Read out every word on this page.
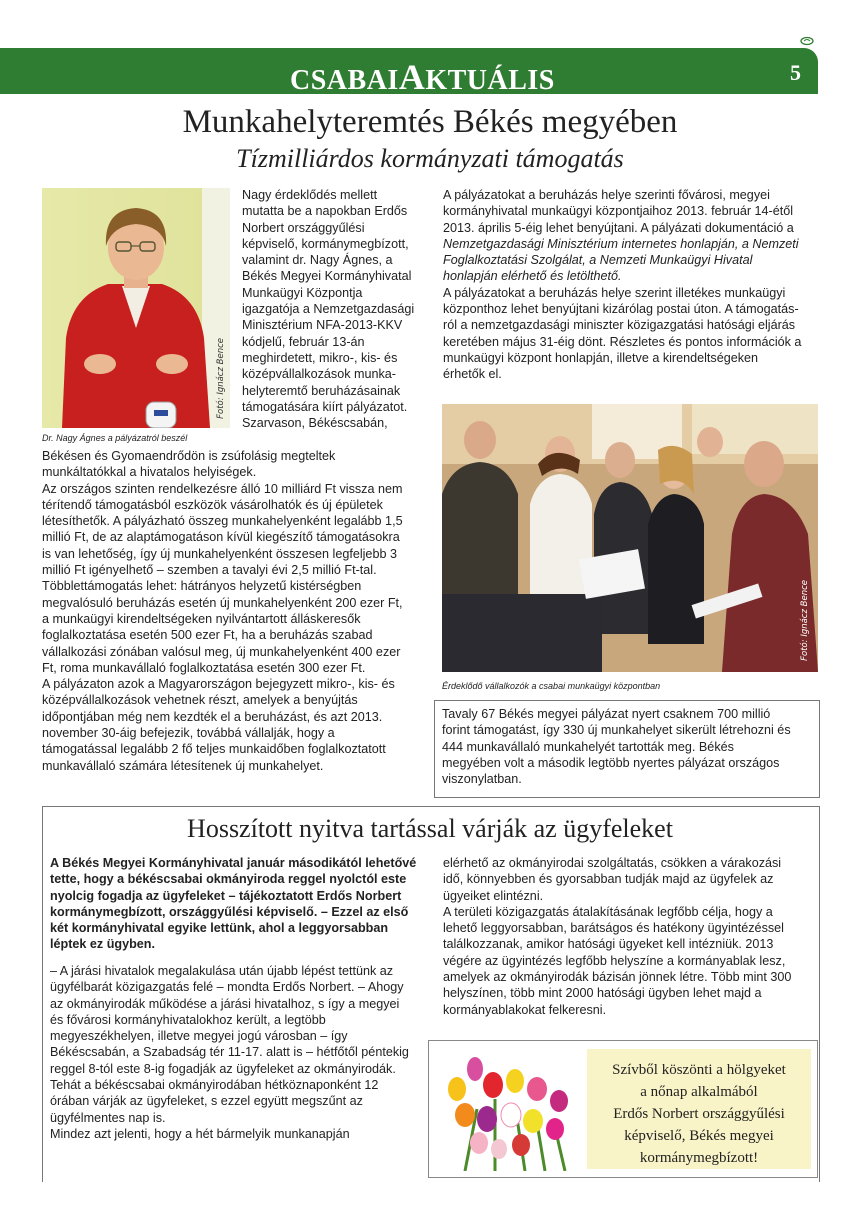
CSABAIAKTUÁLIS	5
Munkahelyteremtés Békés megyében
Tízmilliárdos kormányzati támogatás
Fotó: Ignácz Bence
Dr. Nagy Ágnes a pályázatról beszél

Nagy érdeklődés mellett

mutatta be a napokban Erdős

Norbert országgyűlési

képviselő, kormánymegbízott,

valamint dr. Nagy Ágnes, a

Békés Megyei Kormányhivatal

Munkaügyi Központja

igazgatója a Nemzetgazdasági

Minisztérium NFA-2013-KKV

kódjelű, február 13-án

meghirdetett, mikro-, kis- és

középvállalkozások munka-

helyteremtő beruházásainak

támogatására kiírt pályázatot.

Szarvason, Békéscsabán,

Békésen és Gyomaendrődön is zsúfolásig megteltek

munkáltatókkal a hivatalos helyiségek.

Az országos szinten rendelkezésre álló 10 milliárd Ft vissza nem

térítendő támogatásból eszközök vásárolhatók és új épületek

létesíthetők. A pályázható összeg munkahelyenként legalább 1,5

millió Ft, de az alaptámogatáson kívül kiegészítő támogatásokra

is van lehetőség, így új munkahelyenként összesen legfeljebb 3

millió Ft igényelhető – szemben a tavalyi évi 2,5 millió Ft-tal.

Többlettámogatás lehet: hátrányos helyzetű kistérségben

megvalósuló beruházás esetén új munkahelyenként 200 ezer Ft,

a munkaügyi kirendeltségeken nyilvántartott álláskeresők

foglalkoztatása esetén 500 ezer Ft, ha a beruházás szabad

vállalkozási zónában valósul meg, új munkahelyenként 400 ezer

Ft, roma munkavállaló foglalkoztatása esetén 300 ezer Ft.

A pályázaton azok a Magyarországon bejegyzett mikro-, kis- és

középvállalkozások vehetnek részt, amelyek a benyújtás

időpontjában még nem kezdték el a beruházást, és azt 2013.

november 30-áig befejezik, továbbá vállalják, hogy a

támogatással legalább 2 fő teljes munkaidőben foglalkoztatott

munkavállaló számára létesítenek új munkahelyet.

A pályázatokat a beruházás helye szerinti fővárosi, megyei

kormányhivatal munkaügyi központjaihoz 2013. február 14-étől

2013. április 5-éig lehet benyújtani. A pályázati dokumentáció a

Nemzetgazdasági Minisztérium internetes honlapján, a Nemzeti

Foglalkoztatási Szolgálat, a Nemzeti Munkaügyi Hivatal

honlapján elérhető és letölthető.

A pályázatokat a beruházás helye szerint illetékes munkaügyi

központhoz lehet benyújtani kizárólag postai úton. A támogatás-

ról a nemzetgazdasági miniszter közigazgatási hatósági eljárás

keretében május 31-éig dönt. Részletes és pontos információk a

munkaügyi központ honlapján, illetve a kirendeltségeken

érhetők el.

Fotó: Ignácz Bence
Érdeklődő vállalkozók a csabai munkaügyi központban

Tavaly 67 Békés megyei pályázat nyert csaknem 700 millió

forint támogatást, így 330 új munkahelyet sikerült létrehozni és

444 munkavállaló munkahelyét tartották meg. Békés

megyében volt a második legtöbb nyertes pályázat országos

viszonylatban.

Hosszított nyitva tartással várják az ügyfeleket

A Békés Megyei Kormányhivatal január másodikától lehetővé

tette, hogy a békéscsabai okmányiroda reggel nyolctól este

nyolcig fogadja az ügyfeleket – tájékoztatott Erdős Norbert

kormánymegbízott, országgyűlési képviselő. – Ezzel az első

két kormányhivatal egyike lettünk, ahol a leggyorsabban

léptek ez ügyben.

– A járási hivatalok megalakulása után újabb lépést tettünk az

ügyfélbarát közigazgatás felé – mondta Erdős Norbert. – Ahogy

az okmányirodák működése a járási hivatalhoz, s így a megyei

és fővárosi kormányhivatalokhoz került, a legtöbb

megyeszékhelyen, illetve megyei jogú városban – így

Békéscsabán, a Szabadság tér 11-17. alatt is – hétfőtől péntekig

reggel 8-tól este 8-ig fogadják az ügyfeleket az okmányirodák.

Tehát a békéscsabai okmányirodában hétköznaponként 12

órában várják az ügyfeleket, s ezzel együtt megszűnt az

ügyfélmentes nap is.

Mindez azt jelenti, hogy a hét bármelyik munkanapján

elérhető az okmányirodai szolgáltatás, csökken a várakozási

idő, könnyebben és gyorsabban tudják majd az ügyfelek az

ügyeiket elintézni.

A területi közigazgatás átalakításának legfőbb célja, hogy a

lehető leggyorsabban, barátságos és hatékony ügyintézéssel

találkozzanak, amikor hatósági ügyeket kell intézniük. 2013

végére az ügyintézés legfőbb helyszíne a kormányablak lesz,

amelyek az okmányirodák bázisán jönnek létre. Több mint 300

helyszínen, több mint 2000 hatósági ügyben lehet majd a

kormányablakokat felkeresni.

Szívből köszönti a hölgyeket
a nőnap alkalmából
Erdős Norbert országgyűlési
képviselő, Békés megyei
kormánymegbízott!
